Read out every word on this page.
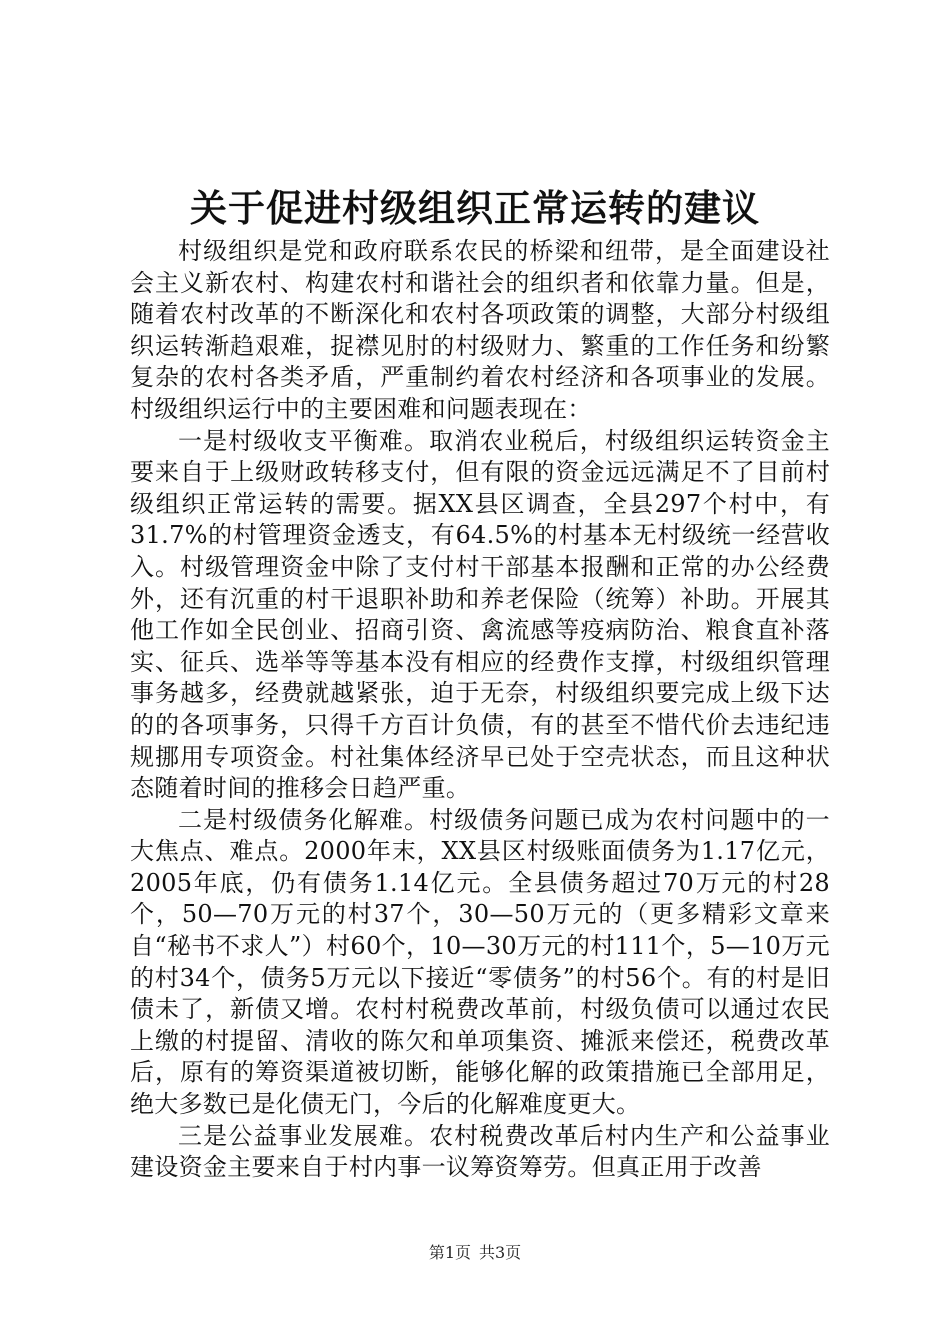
关于促进村级组织正常运转的建议

村级组织是党和政府联系农民的桥梁和纽带，是全面建设社会主义新农村、构建农村和谐社会的组织者和依靠力量。但是，随着农村改革的不断深化和农村各项政策的调整，大部分村级组织运转渐趋艰难，捉襟见肘的村级财力、繁重的工作任务和纷繁复杂的农村各类矛盾，严重制约着农村经济和各项事业的发展。村级组织运行中的主要困难和问题表现在：

一是村级收支平衡难。取消农业税后，村级组织运转资金主要来自于上级财政转移支付，但有限的资金远远满足不了目前村级组织正常运转的需要。据XX县区调查，全县297个村中，有31.7%的村管理资金透支，有64.5%的村基本无村级统一经营收入。村级管理资金中除了支付村干部基本报酬和正常的办公经费外，还有沉重的村干退职补助和养老保险（统筹）补助。开展其他工作如全民创业、招商引资、禽流感等疫病防治、粮食直补落实、征兵、选举等等基本没有相应的经费作支撑，村级组织管理事务越多，经费就越紧张，迫于无奈，村级组织要完成上级下达的的各项事务，只得千方百计负债，有的甚至不惜代价去违纪违规挪用专项资金。村社集体经济早已处于空壳状态，而且这种状态随着时间的推移会日趋严重。

二是村级债务化解难。村级债务问题已成为农村问题中的一大焦点、难点。2000年末，XX县区村级账面债务为1.17亿元，2005年底，仍有债务1.14亿元。全县债务超过70万元的村28个，50—70万元的村37个，30—50万元的（更多精彩文章来自“秘书不求人”）村60个，10—30万元的村111个，5—10万元的村34个，债务5万元以下接近“零债务”的村56个。有的村是旧债未了，新债又增。农村村税费改革前，村级负债可以通过农民上缴的村提留、清收的陈欠和单项集资、摊派来偿还，税费改革后，原有的筹资渠道被切断，能够化解的政策措施已全部用足，绝大多数已是化债无门，今后的化解难度更大。

三是公益事业发展难。农村税费改革后村内生产和公益事业建设资金主要来自于村内事一议筹资筹劳。但真正用于改善

第1页 共3页
